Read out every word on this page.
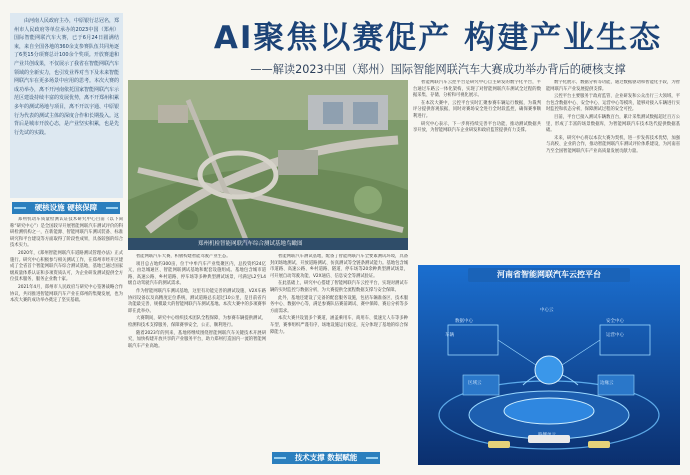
由河南人民政府主办，中原银行总冠名，郑州市人民政府等单位承办的2023中国（郑州）国际智能网联汽车大赛，已于6月24日圆满结束，来自全国各地的360余支参赛队伍共同角逐了6类15分项赛总计100余个奖项。开放赛道和产业共创成果，不仅展示了我省在智能网联汽车领域的全新实力，也引发业界对当下及未来智能网联汽车在更多场景中应用的思考。本次大赛的成功举办，离不开河南依托国家智能网联汽车示范区建设持续丰富的发展优势，离不开郑州积累多年的测试场地与项目，离不开以宇通、中原银行为代表的测试主体的深度合作和长期投入。这背后是城市开放心态，是产业坚实积累，也是先行先试的实践。

AI聚焦以赛促产 构建产业生态
——解读2023中国（郑州）国际智能网联汽车大赛成功举办背后的硬核支撑
郑州机检智能网联汽车综合测试基地鸟瞰图
硬核设施 硬核保障

郑州机动车质量检测认证技术研究中心目前（以下简称“研究中心”）是全国较早开展智能网联汽车测试评价的科研检测机构之一，在新能源、智能网联汽车测试装备、标准研究和平台建设等方面取得了阶段性成果，具备较强的综合技术实力。

2020年，《郑州智能网联汽车道路测试管理办法》正式施行。研究中心积极参与相关测试工作，在郑州市经开区建成了全省首个智能网联汽车综合测试基地，基地已通过国家级质量体系认证和多项资质认可，为企业研发测试提供全方位技术服务，服务企业数十家。

2021年4月，郑州市人民政府与研究中心签署战略合作协议，共同推进智能网联汽车产业在郑州的集聚发展，也为本次大赛的成功举办奠定了坚实基础。

智能网联汽车大赛，积极构建智能驾驶产业生态。

项目总占地约300亩，位于中牟汽车产业集聚区内，总投资约24亿元，由急城通区、智能网联测试基地和配套设施组成。基地包含城市道路、高速公路、乡村道路、停车场等多种典型测试场景，可满足L2至L4级自动驾驶汽车的测试需求。

作为智能网联汽车测试基地，这里有功能完善的测试设施、V2X车路协同设备以及高精度定位系统，测试道路总长超过10公里，是目前省内功能最完善、规模最大的智能网联汽车测试基地。本次大赛中的多项赛事即在此举办。

大赛期间，研究中心组织技术团队全程保障，为参赛车辆提供测试、检测和技术支撑服务，保障赛事安全、公正、顺利进行。

随着2023年的到来，基地将继续围绕智能网联汽车关键技术开展研究，加快构建开放共享的产业服务平台，助力郑州打造国内一流的智能网联汽车产业高地。

智能网联汽车测试基地，配备了智能网联汽车全要素测试环境，具备封闭场地测试、开放道路测试、仿真测试等全链条测试能力。基地包含城市道路、高速公路、乡村道路、隧道、停车场等20余种典型测试场景，可开展自动驾驶功能、V2X通信、信息安全等测试验证。

在此基础上，研究中心搭建了智能网联汽车云控平台，实现对测试车辆的实时监控与数据分析，为大赛提供全流程数据支撑与安全保障。

此外，基地还建设了完备的配套服务设施，包括车辆准备区、技术服务中心、数据中心等，满足参赛队伍赛前调试、赛中保障、赛后分析等多方面需求。

本次大赛共设置多个赛道，涵盖乘用车、商用车、低速无人车等多种车型，赛事组织严谨有序，场地设施运行稳定，充分体现了基地的综合保障能力。

技术支撑 数据赋能

智能网联汽车云控平台是研究中心自主研发的数字化平台，平台通过车路云一体化架构，实现了对智能网联汽车测试全过程的数据采集、存储、分析和可视化展示。

在本次大赛中，云控平台实时汇聚参赛车辆运行数据，为裁判评分提供客观依据，同时对赛场安全进行全时段监控，确保赛事顺利进行。

研究中心表示，下一步将持续完善平台功能，推动测试数据共享开放，为智能网联汽车企业研发和政府监管提供有力支撑。

数字化展示、数据分析等功能，通过数据驱动和智能化手段，为智能网联汽车产业发展提供支撑。

云控平台主要服务于政府监管、企业研发和公众出行三大领域，平台包含数据中心、安全中心、运营中心等模块，能够对接入车辆进行实时监控和状态分析，保障测试过程的安全可控。

目前，平台已接入测试车辆数百台，累计采集测试数据超过百万公里，形成了丰富的场景数据库，为智能网联汽车技术迭代提供数据基础。

未来，研究中心将以本次大赛为契机，进一步发挥技术优势，加强与高校、企业的合作，推动智能网联汽车测试评价体系建设，为河南省乃至全国智能网联汽车产业高质量发展贡献力量。

河南省智能网联汽车云控平台
车辆
中心云
数据中心	安全中心
运营中心
区域云	边缘云
路侧单元
